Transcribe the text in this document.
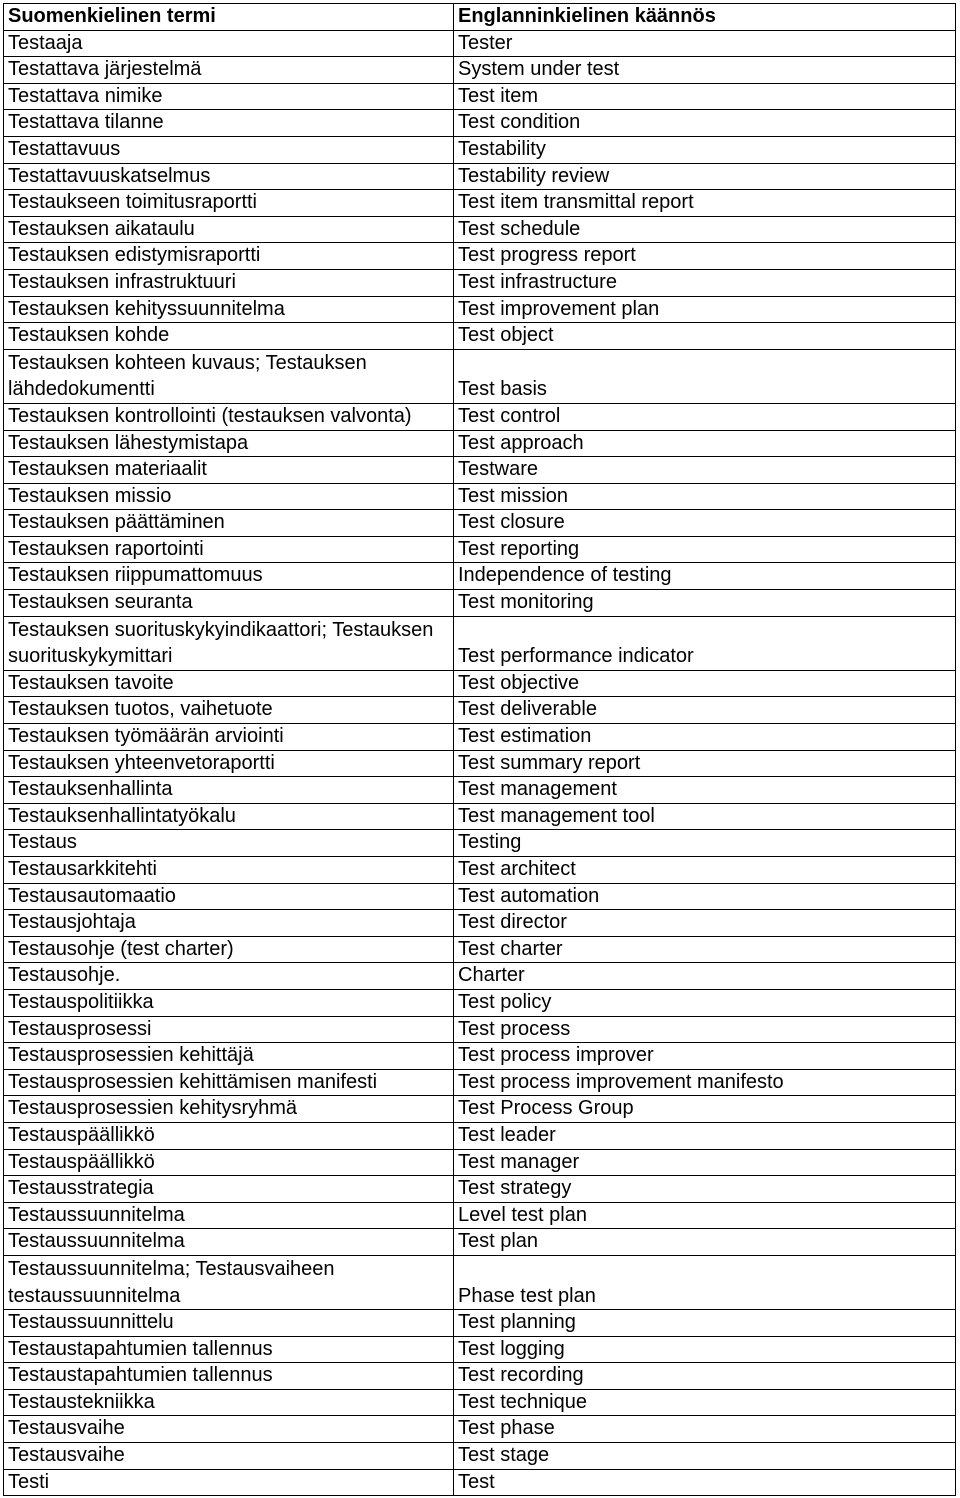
Suomenkielinen termi	Englanninkielinen käännös
Testaaja	Tester
Testattava järjestelmä	System under test
Testattava nimike	Test item
Testattava tilanne	Test condition
Testattavuus	Testability
Testattavuuskatselmus	Testability review
Testaukseen toimitusraportti	Test item transmittal report
Testauksen aikataulu	Test schedule
Testauksen edistymisraportti	Test progress report
Testauksen infrastruktuuri	Test infrastructure
Testauksen kehityssuunnitelma	Test improvement plan
Testauksen kohde	Test object
Testauksen kohteen kuvaus; Testauksen lähdedokumentti	Test basis
Testauksen kontrollointi (testauksen valvonta)	Test control
Testauksen lähestymistapa	Test approach
Testauksen materiaalit	Testware
Testauksen missio	Test mission
Testauksen päättäminen	Test closure
Testauksen raportointi	Test reporting
Testauksen riippumattomuus	Independence of testing
Testauksen seuranta	Test monitoring
Testauksen suorituskykyindikaattori; Testauksen suorituskykymittari	Test performance indicator
Testauksen tavoite	Test objective
Testauksen tuotos, vaihetuote	Test deliverable
Testauksen työmäärän arviointi	Test estimation
Testauksen yhteenvetoraportti	Test summary report
Testauksenhallinta	Test management
Testauksenhallintatyökalu	Test management tool
Testaus	Testing
Testausarkkitehti	Test architect
Testausautomaatio	Test automation
Testausjohtaja	Test director
Testausohje (test charter)	Test charter
Testausohje.	Charter
Testauspolitiikka	Test policy
Testausprosessi	Test process
Testausprosessien kehittäjä	Test process improver
Testausprosessien kehittämisen manifesti	Test process improvement manifesto
Testausprosessien kehitysryhmä	Test Process Group
Testauspäällikkö	Test leader
Testauspäällikkö	Test manager
Testausstrategia	Test strategy
Testaussuunnitelma	Level test plan
Testaussuunnitelma	Test plan
Testaussuunnitelma; Testausvaiheen testaussuunnitelma	Phase test plan
Testaussuunnittelu	Test planning
Testaustapahtumien tallennus	Test logging
Testaustapahtumien tallennus	Test recording
Testaustekniikka	Test technique
Testausvaihe	Test phase
Testausvaihe	Test stage
Testi	Test
